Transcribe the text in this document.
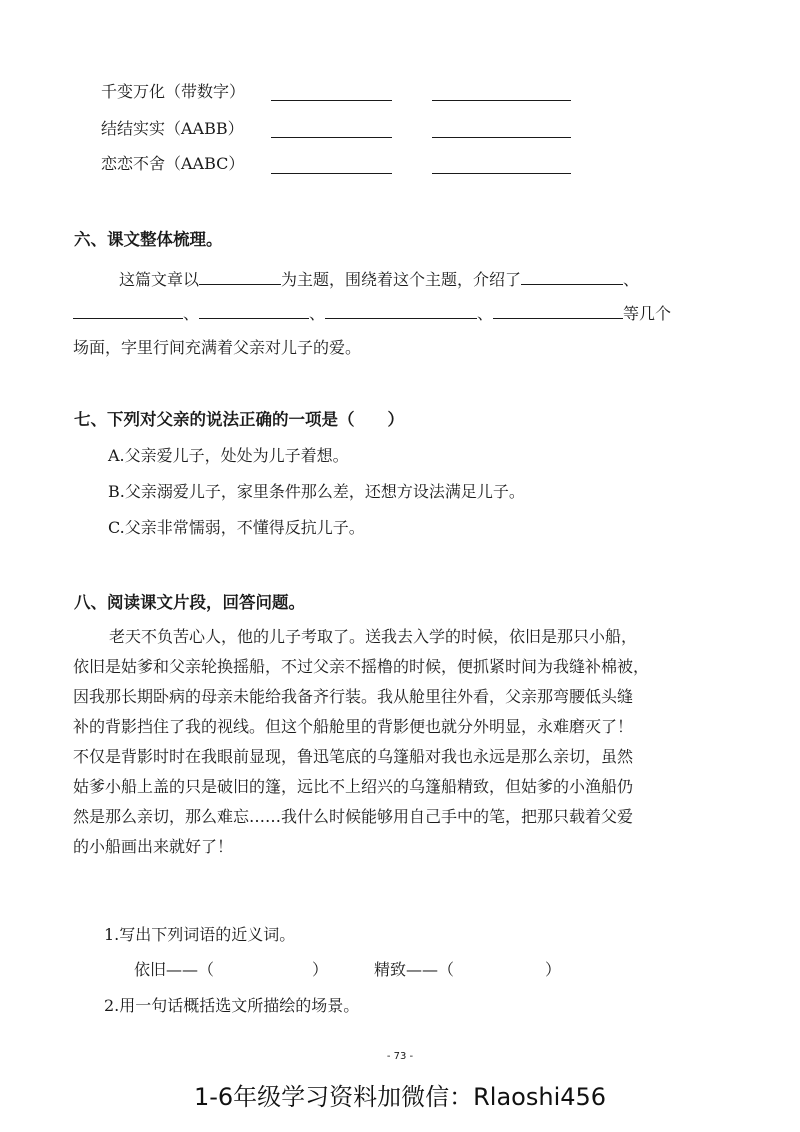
千变万化（带数字）
结结实实（AABB）
恋恋不舍（AABC）
六、课文整体梳理。
这篇文章以	为主题，围绕着这个主题，介绍了	、
、	、	、	等几个
场面，字里行间充满着父亲对儿子的爱。
七、下列对父亲的说法正确的一项是（　　）
A.父亲爱儿子，处处为儿子着想。
B.父亲溺爱儿子，家里条件那么差，还想方设法满足儿子。
C.父亲非常懦弱，不懂得反抗儿子。
八、阅读课文片段，回答问题。
老天不负苦心人，他的儿子考取了。送我去入学的时候，依旧是那只小船，
依旧是姑爹和父亲轮换摇船，不过父亲不摇橹的时候，便抓紧时间为我缝补棉被，
因我那长期卧病的母亲未能给我备齐行装。我从舱里往外看，父亲那弯腰低头缝
补的背影挡住了我的视线。但这个船舱里的背影便也就分外明显，永难磨灭了！
不仅是背影时时在我眼前显现，鲁迅笔底的乌篷船对我也永远是那么亲切，虽然
姑爹小船上盖的只是破旧的篷，远比不上绍兴的乌篷船精致，但姑爹的小渔船仍
然是那么亲切，那么难忘……我什么时候能够用自己手中的笔，把那只载着父爱
的小船画出来就好了！
1.写出下列词语的近义词。
依旧——（	）	精致——（	）
2.用一句话概括选文所描绘的场景。
- 73 -
1-6年级学习资料加微信：Rlaoshi456
